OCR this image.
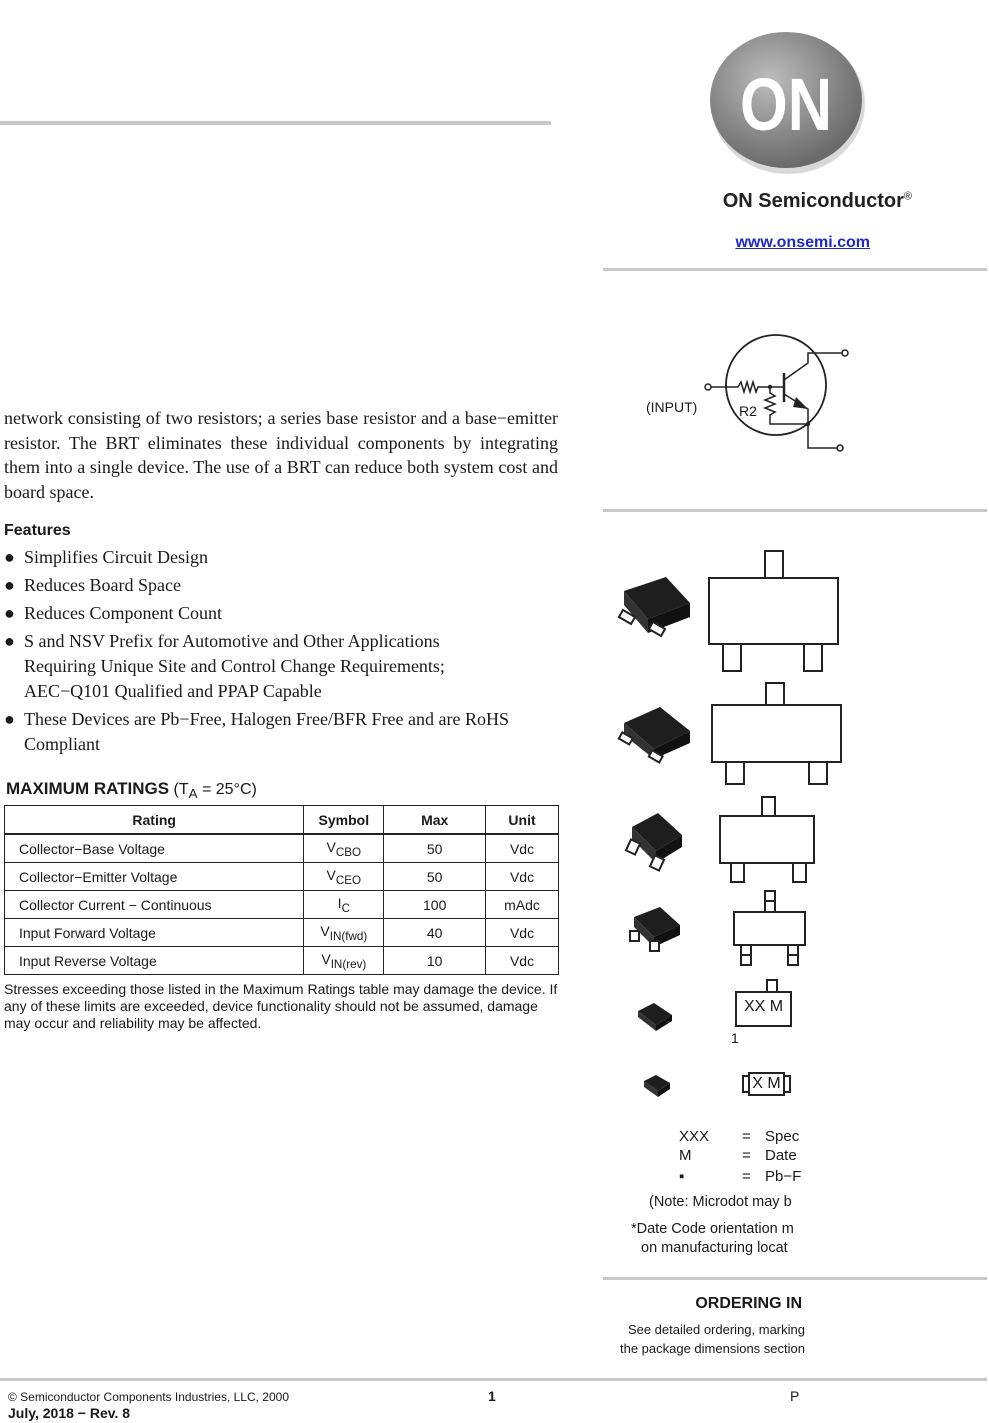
ON
ON Semiconductor®
www.onsemi.com
(INPUT)	R2
network consisting of two resistors; a series base resistor and a base−emitter resistor. The BRT eliminates these individual components by integrating them into a single device. The use of a BRT can reduce both system cost and board space.
Features
● Simplifies Circuit Design
● Reduces Board Space
● Reduces Component Count
● S and NSV Prefix for Automotive and Other Applications Requiring Unique Site and Control Change Requirements; AEC−Q101 Qualified and PPAP Capable
● These Devices are Pb−Free, Halogen Free/BFR Free and are RoHS Compliant
MAXIMUM RATINGS $(T_A = 25^\circ C)$
Rating	Symbol	Max	Unit
Collector−Base Voltage	$V_{CBO}$	50	Vdc
Collector−Emitter Voltage	$V_{CEO}$	50	Vdc
Collector Current − Continuous	$I_C$	100	mAdc
Input Forward Voltage	$V_{IN(fwd)}$	40	Vdc
Input Reverse Voltage	$V_{IN(rev)}$	10	Vdc
Stresses exceeding those listed in the Maximum Ratings table may damage the device. If any of these limits are exceeded, device functionality should not be assumed, damage may occur and reliability may be affected.
XX M
1
X M
XXX = Spec
M	= Date
▪	= Pb−F
(Note: Microdot may b
*Date Code orientation m
on manufacturing locat
ORDERING IN
See detailed ordering, marking
the package dimensions section
© Semiconductor Components Industries, LLC, 2000	1	P
July, 2018 − Rev. 8
